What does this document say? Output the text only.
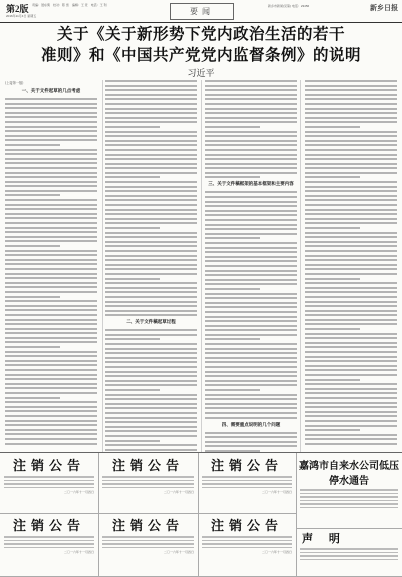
第2版 责编：聂东隽　校对：陈 宽　编辑：王 竞　电话：王 利
2016年11月4日 星期五	要闻
新乡市新闻(见第) 电话：23456	新乡日报
关于《关于新形势下党内政治生活的若干
准则》和《中国共产党党内监督条例》的说明
习近平
(上接第一版)
一、关于文件起草的几点考虑
二、关于文件稿起草过程
三、关于文件稿框架的基本框架和主要内容
四、需要重点说明的几个问题
注销公告
二〇一六年十一月四日
注销公告
二〇一六年十一月四日
注销公告
二〇一六年十一月四日
嘉鸿市自来水公司低压停水通告
注销公告
二〇一六年十一月四日
注销公告
二〇一六年十一月四日
注销公告
二〇一六年十一月四日
声 明
